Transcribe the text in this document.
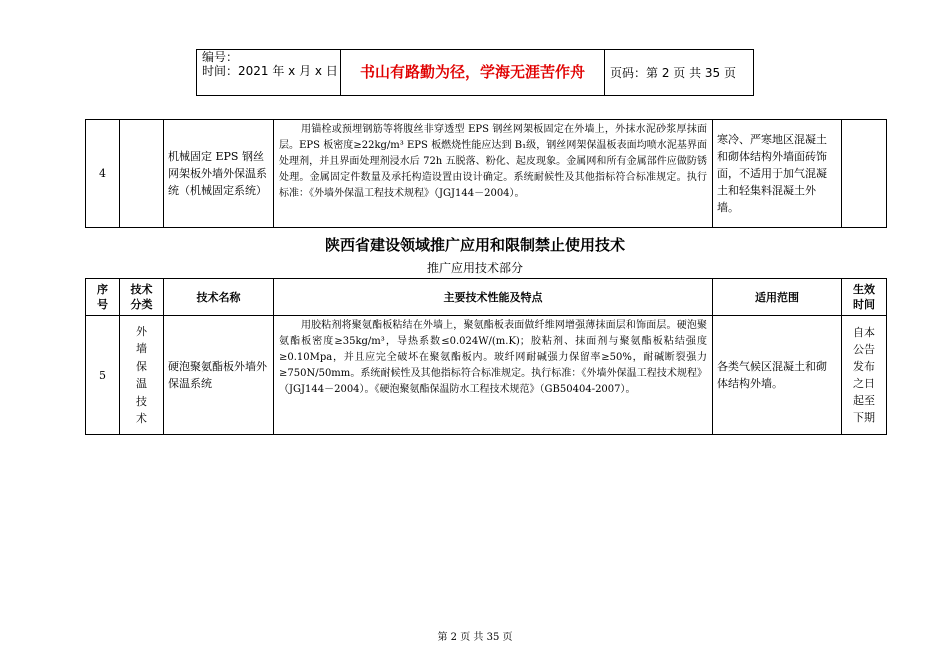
编号：
时间：2021 年 x 月 x 日	书山有路勤为径，学海无涯苦作舟	页码：第 2 页 共 35 页
4		机械固定 EPS 钢丝网架板外墙外保温系统（机械固定系统）	用锚栓或预埋钢筋等将腹丝非穿透型 EPS 钢丝网架板固定在外墙上，外抹水泥砂浆厚抹面层。EPS 板密度≥22kg/m³ EPS 板燃烧性能应达到 B₁级，钢丝网架保温板表面均喷水泥基界面处理剂，并且界面处理剂浸水后 72h 五脱落、粉化、起皮现象。金属网和所有金属部件应做防锈处理。金属固定件数量及承托构造设置由设计确定。系统耐候性及其他指标符合标准规定。执行标准：《外墙外保温工程技术规程》（JGJ144－2004）。	寒冷、严寒地区混凝土和砌体结构外墙面砖饰面，不适用于加气混凝土和轻集料混凝土外墙。	
陕西省建设领域推广应用和限制禁止使用技术
推广应用技术部分
序号	技术分类	技术名称	主要技术性能及特点	适用范围	生效时间
5	外墙保温技术	硬泡聚氨酯板外墙外保温系统	用胶粘剂将聚氨酯板粘结在外墙上，聚氨酯板表面做纤维网增强薄抹面层和饰面层。硬泡聚氨酯板密度≥35kg/m³，导热系数≤0.024W/(m.K)；胶粘剂、抹面剂与聚氨酯板粘结强度≥0.10Mpa，并且应完全破坏在聚氨酯板内。玻纤网耐碱强力保留率≥50%，耐碱断裂强力≥750N/50mm。系统耐候性及其他指标符合标准规定。执行标准：《外墙外保温工程技术规程》（JGJ144－2004）。《硬泡聚氨酯保温防水工程技术规范》（GB50404-2007）。	各类气候区混凝土和砌体结构外墙。	自本公告发布之日起至下期
第 2 页 共 35 页
